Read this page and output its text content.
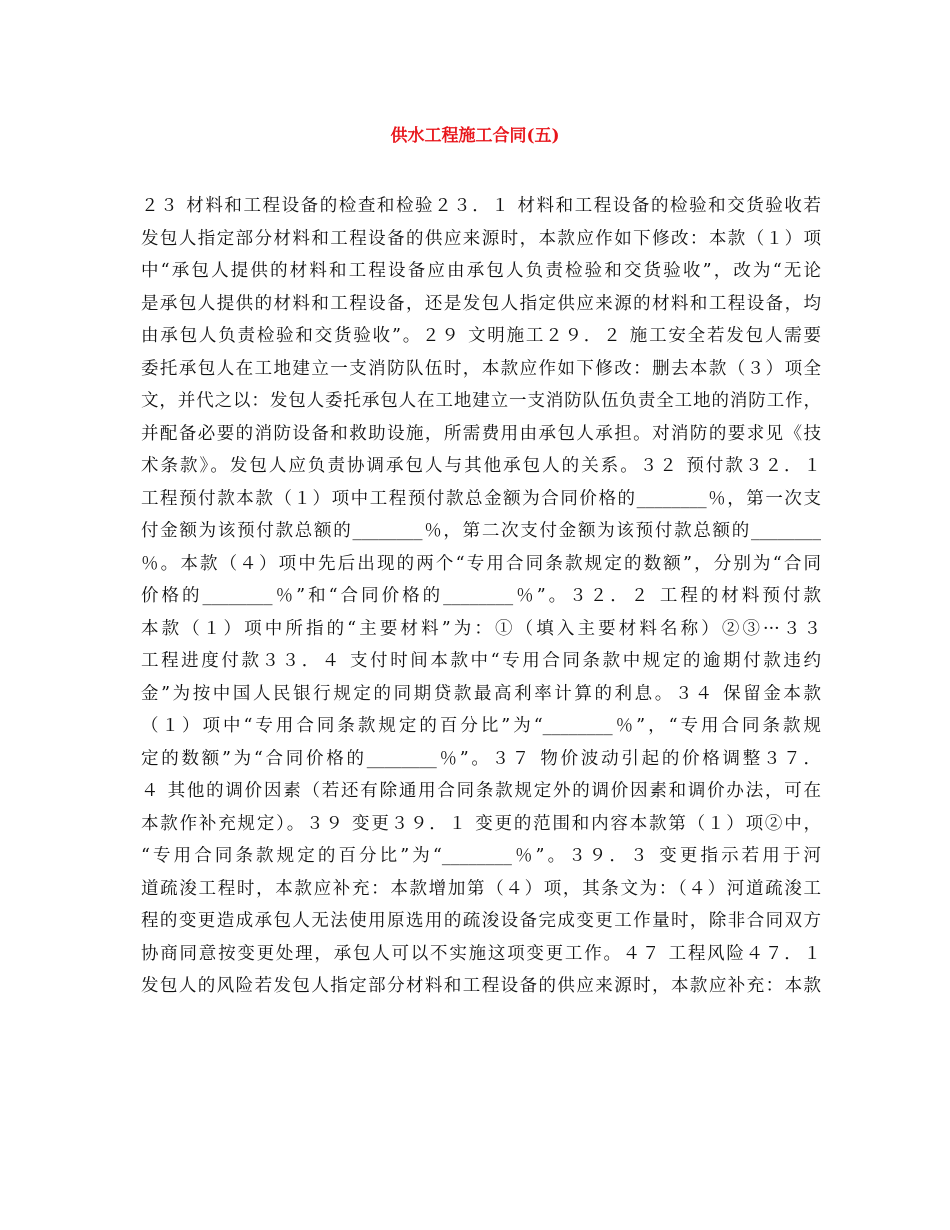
供水工程施工合同(五)
２３ 材料和工程设备的检查和检验２３．１ 材料和工程设备的检验和交货验收若
发包人指定部分材料和工程设备的供应来源时，本款应作如下修改：本款（１）项
中“承包人提供的材料和工程设备应由承包人负责检验和交货验收”，改为“无论
是承包人提供的材料和工程设备，还是发包人指定供应来源的材料和工程设备，均
由承包人负责检验和交货验收”。２９ 文明施工２９．２ 施工安全若发包人需要
委托承包人在工地建立一支消防队伍时，本款应作如下修改：删去本款（３）项全
文，并代之以：发包人委托承包人在工地建立一支消防队伍负责全工地的消防工作，
并配备必要的消防设备和救助设施，所需费用由承包人承担。对消防的要求见《技
术条款》。发包人应负责协调承包人与其他承包人的关系。３２ 预付款３２．１
工程预付款本款（１）项中工程预付款总金额为合同价格的________％，第一次支
付金额为该预付款总额的________％，第二次支付金额为该预付款总额的________
％。本款（４）项中先后出现的两个“专用合同条款规定的数额”，分别为“合同
价格的________％”和“合同价格的________％”。３２．２ 工程的材料预付款
本款（１）项中所指的“主要材料”为：①（填入主要材料名称）②③···３３
工程进度付款３３．４ 支付时间本款中“专用合同条款中规定的逾期付款违约
金”为按中国人民银行规定的同期贷款最高利率计算的利息。３４ 保留金本款
（１）项中“专用合同条款规定的百分比”为“________％”，“专用合同条款规
定的数额”为“合同价格的________％”。３７ 物价波动引起的价格调整３７．
４ 其他的调价因素（若还有除通用合同条款规定外的调价因素和调价办法，可在
本款作补充规定）。３９ 变更３９．１ 变更的范围和内容本款第（１）项②中，
“专用合同条款规定的百分比”为“________％”。３９．３ 变更指示若用于河
道疏浚工程时，本款应补充：本款增加第（４）项，其条文为：（４）河道疏浚工
程的变更造成承包人无法使用原选用的疏浚设备完成变更工作量时，除非合同双方
协商同意按变更处理，承包人可以不实施这项变更工作。４７ 工程风险４７．１
发包人的风险若发包人指定部分材料和工程设备的供应来源时，本款应补充：本款
